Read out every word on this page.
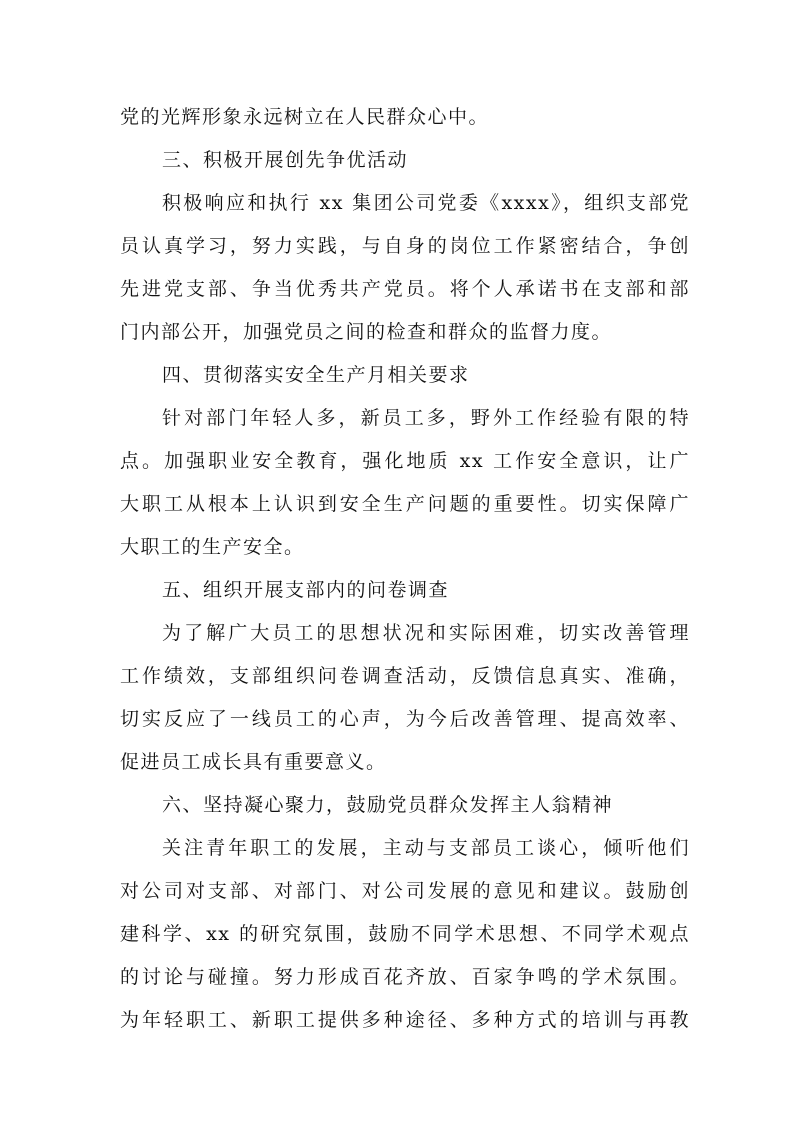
党的光辉形象永远树立在人民群众心中。
三、积极开展创先争优活动
积极响应和执行 xx 集团公司党委《xxxx》，组织支部党
员认真学习，努力实践，与自身的岗位工作紧密结合，争创
先进党支部、争当优秀共产党员。将个人承诺书在支部和部
门内部公开，加强党员之间的检查和群众的监督力度。
四、贯彻落实安全生产月相关要求
针对部门年轻人多，新员工多，野外工作经验有限的特
点。加强职业安全教育，强化地质 xx 工作安全意识，让广
大职工从根本上认识到安全生产问题的重要性。切实保障广
大职工的生产安全。
五、组织开展支部内的问卷调查
为了解广大员工的思想状况和实际困难，切实改善管理
工作绩效，支部组织问卷调查活动，反馈信息真实、准确，
切实反应了一线员工的心声，为今后改善管理、提高效率、
促进员工成长具有重要意义。
六、坚持凝心聚力，鼓励党员群众发挥主人翁精神
关注青年职工的发展，主动与支部员工谈心，倾听他们
对公司对支部、对部门、对公司发展的意见和建议。鼓励创
建科学、xx 的研究氛围，鼓励不同学术思想、不同学术观点
的讨论与碰撞。努力形成百花齐放、百家争鸣的学术氛围。
为年轻职工、新职工提供多种途径、多种方式的培训与再教
